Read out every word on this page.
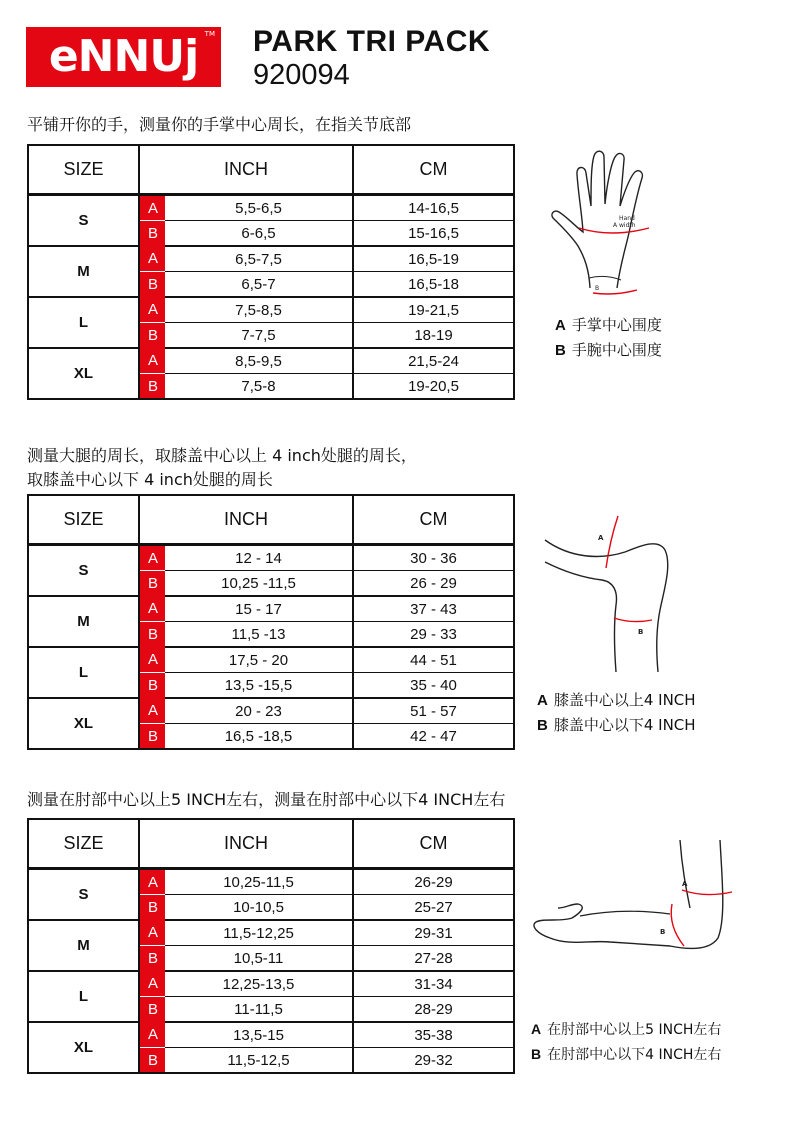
eNNUj TM PARK TRI PACK
920094
平铺开你的手，测量你的手掌中心周长，在指关节底部
SIZE	INCH		CM
S	A	5,5-6,5	14-16,5
	B	6-6,5	15-16,5
M	A	6,5-7,5	16,5-19
	B	6,5-7	16,5-18
L	A	7,5-8,5	19-21,5
	B	7-7,5	18-19
XL	A	8,5-9,5	21,5-24
	B	7,5-8	19-20,5
Hand
A width
B
A 手掌中心围度
B 手腕中心围度
测量大腿的周长，取膝盖中心以上 4 inch处腿的周长，
取膝盖中心以下 4 inch处腿的周长
SIZE	INCH		CM
S	A	12 - 14	30 - 36
	B	10,25 -11,5	26 - 29
M	A	15 - 17	37 - 43
	B	11,5 -13	29 - 33
L	A	17,5 - 20	44 - 51
	B	13,5 -15,5	35 - 40
XL	A	20 - 23	51 - 57
	B	16,5 -18,5	42 - 47
A
B
A 膝盖中心以上4 INCH
B 膝盖中心以下4 INCH
测量在肘部中心以上5 INCH左右，测量在肘部中心以下4 INCH左右
SIZE	INCH		CM
S	A	10,25-11,5	26-29
	B	10-10,5	25-27
M	A	11,5-12,25	29-31
	B	10,5-11	27-28
L	A	12,25-13,5	31-34
	B	11-11,5	28-29
XL	A	13,5-15	35-38
	B	11,5-12,5	29-32
A
B
A 在肘部中心以上5 INCH左右
B 在肘部中心以下4 INCH左右
